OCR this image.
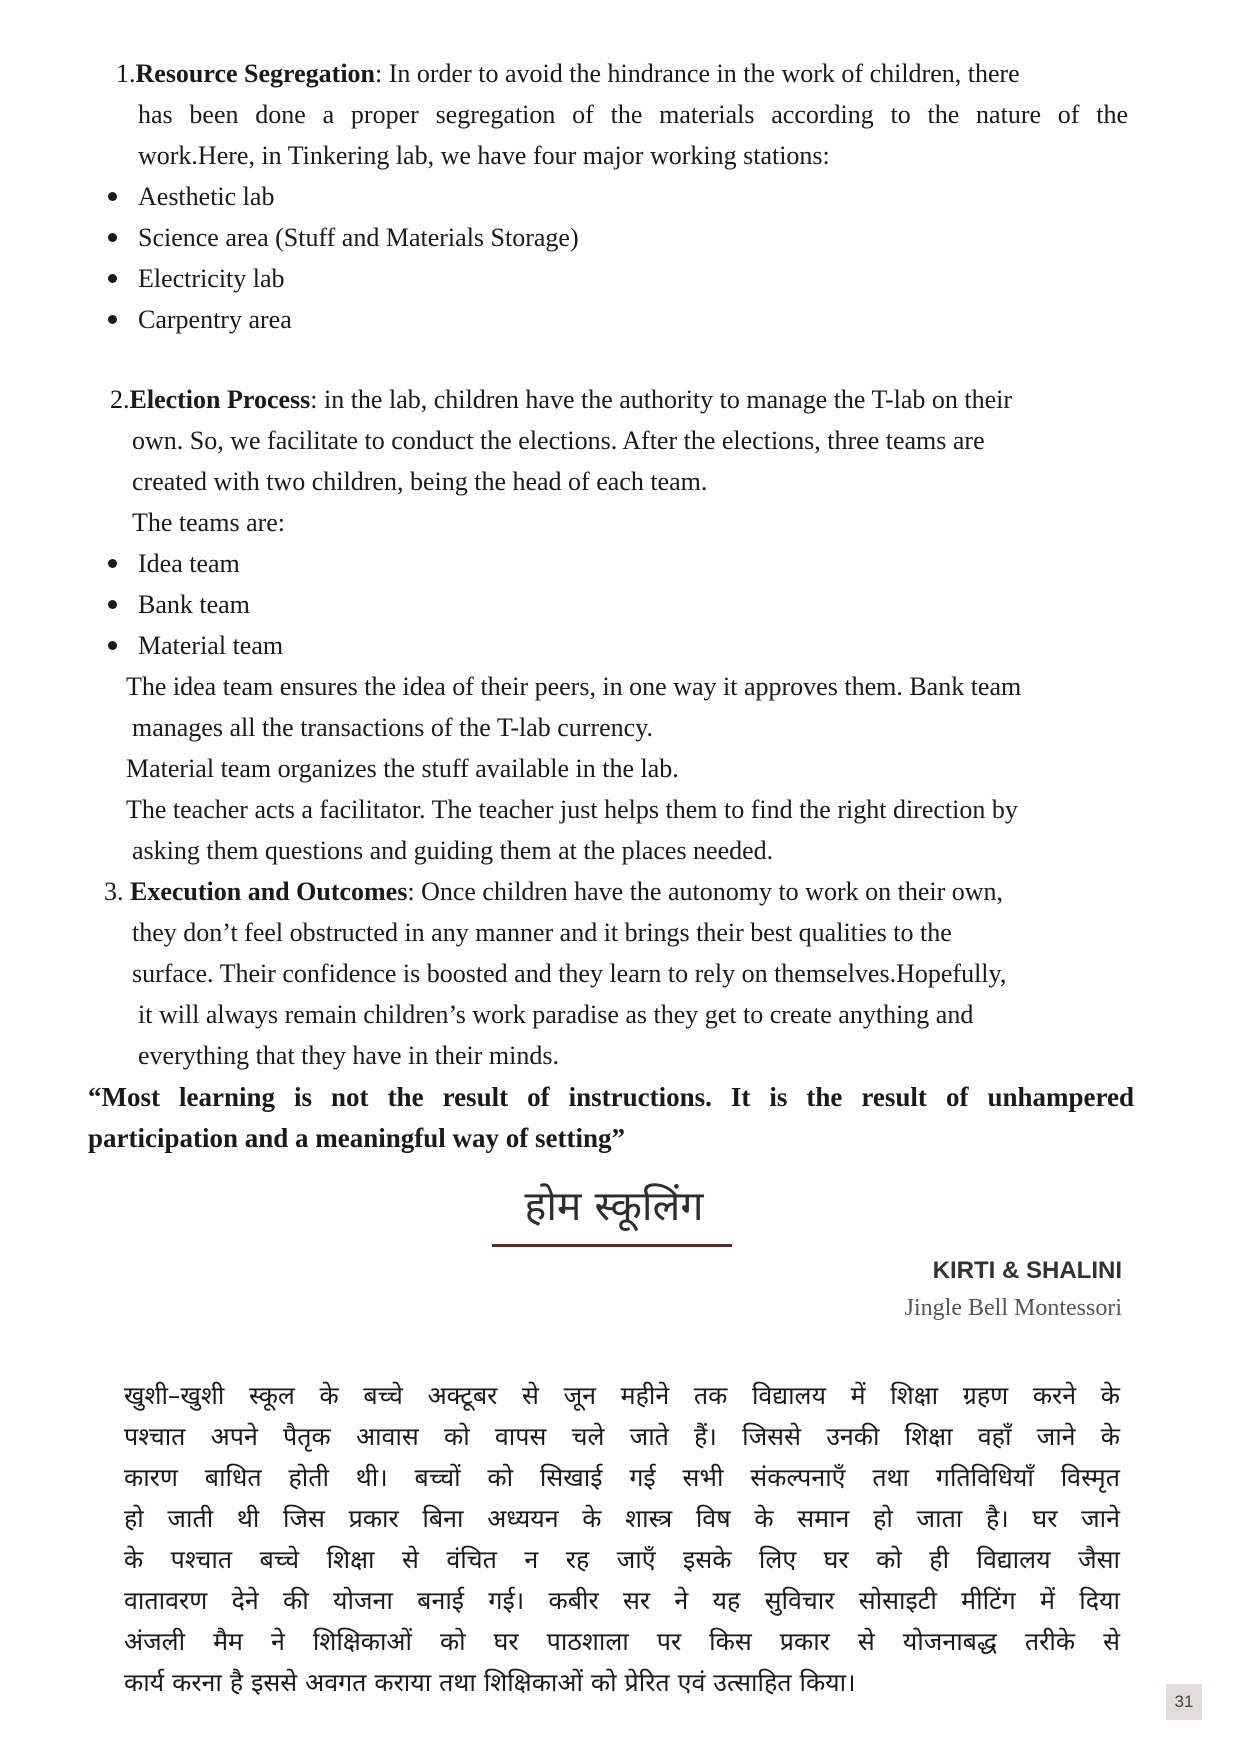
1.Resource Segregation: In order to avoid the hindrance in the work of children, there
has been done a proper segregation of the materials according to the nature of the
work.Here, in Tinkering lab, we have four major working stations:
Aesthetic lab
Science area (Stuff and Materials Storage)
Electricity lab
Carpentry area
2.Election Process: in the lab, children have the authority to manage the T-lab on their
own. So, we facilitate to conduct the elections. After the elections, three teams are
created with two children, being the head of each team.
The teams are:
Idea team
Bank team
Material team
The idea team ensures the idea of their peers, in one way it approves them. Bank team
manages all the transactions of the T-lab currency.
Material team organizes the stuff available in the lab.
The teacher acts a facilitator. The teacher just helps them to find the right direction by
asking them questions and guiding them at the places needed.
3. Execution and Outcomes: Once children have the autonomy to work on their own,
they don’t feel obstructed in any manner and it brings their best qualities to the
surface. Their confidence is boosted and they learn to rely on themselves.Hopefully,
it will always remain children’s work paradise as they get to create anything and
everything that they have in their minds.
“Most learning is not the result of instructions. It is the result of unhampered
participation and a meaningful way of setting”
होम स्कूलिंग
KIRTI & SHALINI
Jingle Bell Montessori
खुशी–खुशी स्कूल के बच्चे अक्टूबर से जून महीने तक विद्यालय में शिक्षा ग्रहण करने के
पश्चात अपने पैतृक आवास को वापस चले जाते हैं। जिससे उनकी शिक्षा वहाँ जाने के
कारण बाधित होती थी। बच्चों को सिखाई गई सभी संकल्पनाएँ तथा गतिविधियाँ विस्मृत
हो जाती थी जिस प्रकार बिना अध्ययन के शास्त्र विष के समान हो जाता है। घर जाने
के पश्चात बच्चे शिक्षा से वंचित न रह जाएँ इसके लिए घर को ही विद्यालय जैसा
वातावरण देने की योजना बनाई गई। कबीर सर ने यह सुविचार सोसाइटी मीटिंग में दिया
अंजली मैम ने शिक्षिकाओं को घर पाठशाला पर किस प्रकार से योजनाबद्ध तरीके से
कार्य करना है इससे अवगत कराया तथा शिक्षिकाओं को प्रेरित एवं उत्साहित किया।
31
